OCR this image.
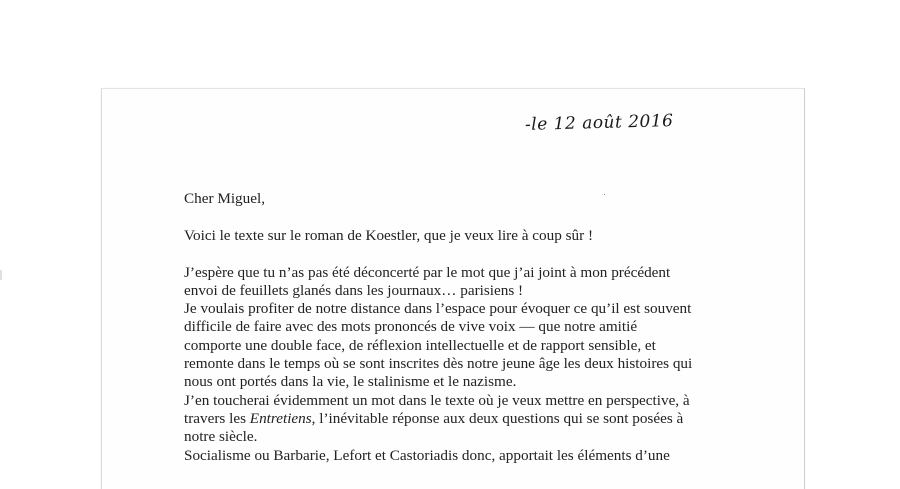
-le 12 août 2016

Cher Miguel,

Voici le texte sur le roman de Koestler, que je veux lire à coup sûr !

J’espère que tu n’as pas été déconcerté par le mot que j’ai joint à mon précédent

envoi de feuillets glanés dans les journaux… parisiens !

Je voulais profiter de notre distance dans l’espace pour évoquer ce qu’il est souvent

difficile de faire avec des mots prononcés de vive voix — que notre amitié

comporte une double face, de réflexion intellectuelle et de rapport sensible, et

remonte dans le temps où se sont inscrites dès notre jeune âge les deux histoires qui

nous ont portés dans la vie, le stalinisme et le nazisme.

J’en toucherai évidemment un mot dans le texte où je veux mettre en perspective, à

travers les Entretiens, l’inévitable réponse aux deux questions qui se sont posées à

notre siècle.

Socialisme ou Barbarie, Lefort et Castoriadis donc, apportait les éléments d’une
